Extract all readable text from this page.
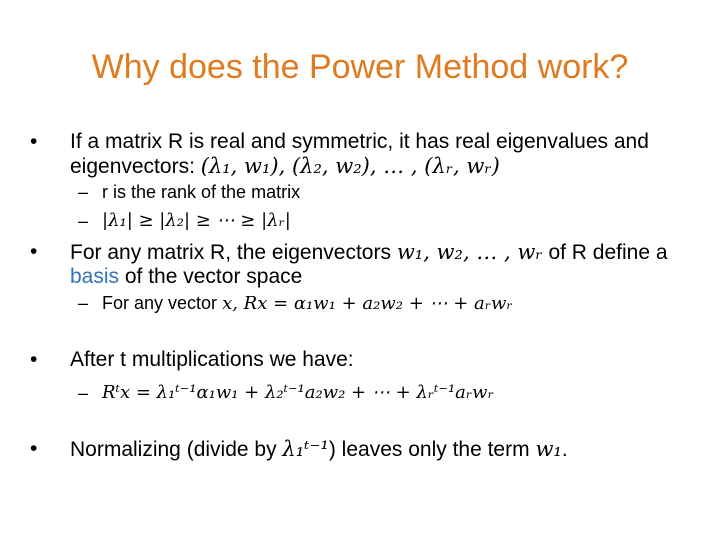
Why does the Power Method work?
•	If a matrix R is real and symmetric, it has real eigenvalues and eigenvectors: (λ₁, w₁), (λ₂, w₂), … , (λᵣ, wᵣ)
– r is the rank of the matrix
– |λ₁| ≥ |λ₂| ≥ ⋯ ≥ |λᵣ|
•	For any matrix R, the eigenvectors w₁, w₂, … , wᵣ of R define a basis of the vector space
– For any vector x, Rx = α₁w₁ + a₂w₂ + ⋯ + aᵣwᵣ
•	After t multiplications we have:
– Rᵗx = λ₁ᵗ⁻¹α₁w₁ + λ₂ᵗ⁻¹a₂w₂ + ⋯ + λᵣᵗ⁻¹aᵣwᵣ
•	Normalizing (divide by λ₁ᵗ⁻¹) leaves only the term w₁.
